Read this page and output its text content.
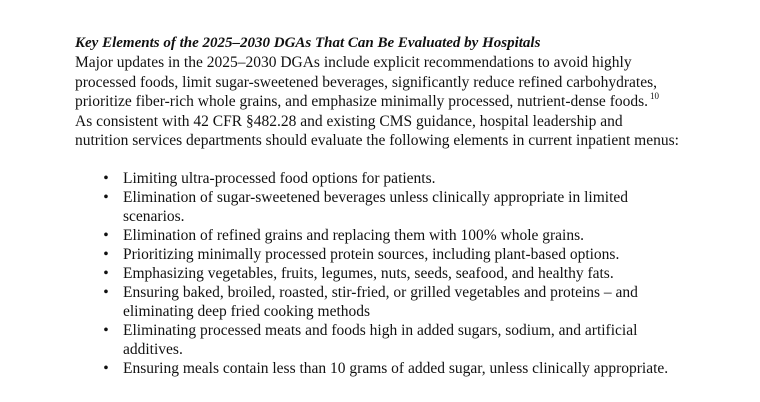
Key Elements of the 2025–2030 DGAs That Can Be Evaluated by Hospitals

Major updates in the 2025–2030 DGAs include explicit recommendations to avoid highly
processed foods, limit sugar-sweetened beverages, significantly reduce refined carbohydrates,
prioritize fiber-rich whole grains, and emphasize minimally processed, nutrient-dense foods. $^{10}$
As consistent with 42 CFR §482.28 and existing CMS guidance, hospital leadership and
nutrition services departments should evaluate the following elements in current inpatient menus:

• Limiting ultra-processed food options for patients.
• Elimination of sugar-sweetened beverages unless clinically appropriate in limited
scenarios.
• Elimination of refined grains and replacing them with 100% whole grains.
• Prioritizing minimally processed protein sources, including plant-based options.
• Emphasizing vegetables, fruits, legumes, nuts, seeds, seafood, and healthy fats.
• Ensuring baked, broiled, roasted, stir-fried, or grilled vegetables and proteins – and
eliminating deep fried cooking methods
• Eliminating processed meats and foods high in added sugars, sodium, and artificial
additives.
• Ensuring meals contain less than 10 grams of added sugar, unless clinically appropriate.
